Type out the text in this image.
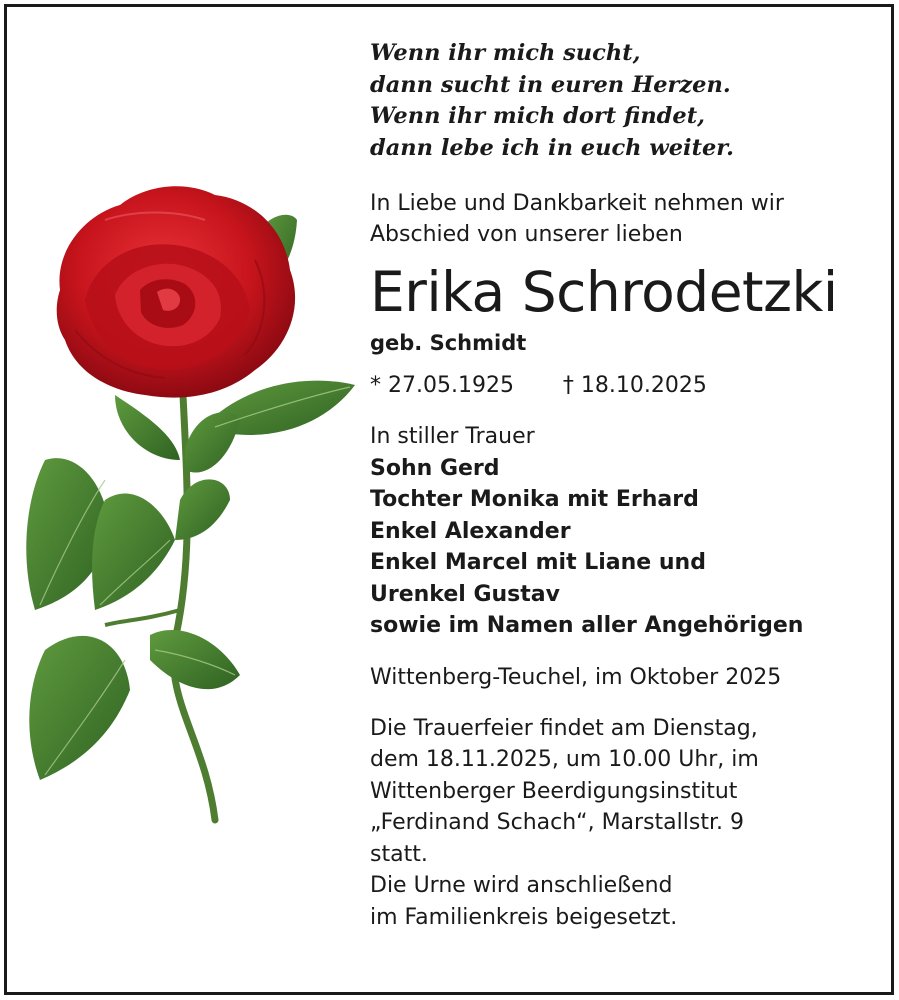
Wenn ihr mich sucht,
dann sucht in euren Herzen.
Wenn ihr mich dort findet,
dann lebe ich in euch weiter.
In Liebe und Dankbarkeit nehmen wir
Abschied von unserer lieben
Erika Schrodetzki
geb. Schmidt
* 27.05.1925 † 18.10.2025
In stiller Trauer
Sohn Gerd
Tochter Monika mit Erhard
Enkel Alexander
Enkel Marcel mit Liane und
Urenkel Gustav
sowie im Namen aller Angehörigen
Wittenberg-Teuchel, im Oktober 2025
Die Trauerfeier findet am Dienstag,
dem 18.11.2025, um 10.00 Uhr, im
Wittenberger Beerdigungsinstitut
„Ferdinand Schach“, Marstallstr. 9
statt.
Die Urne wird anschließend
im Familienkreis beigesetzt.
